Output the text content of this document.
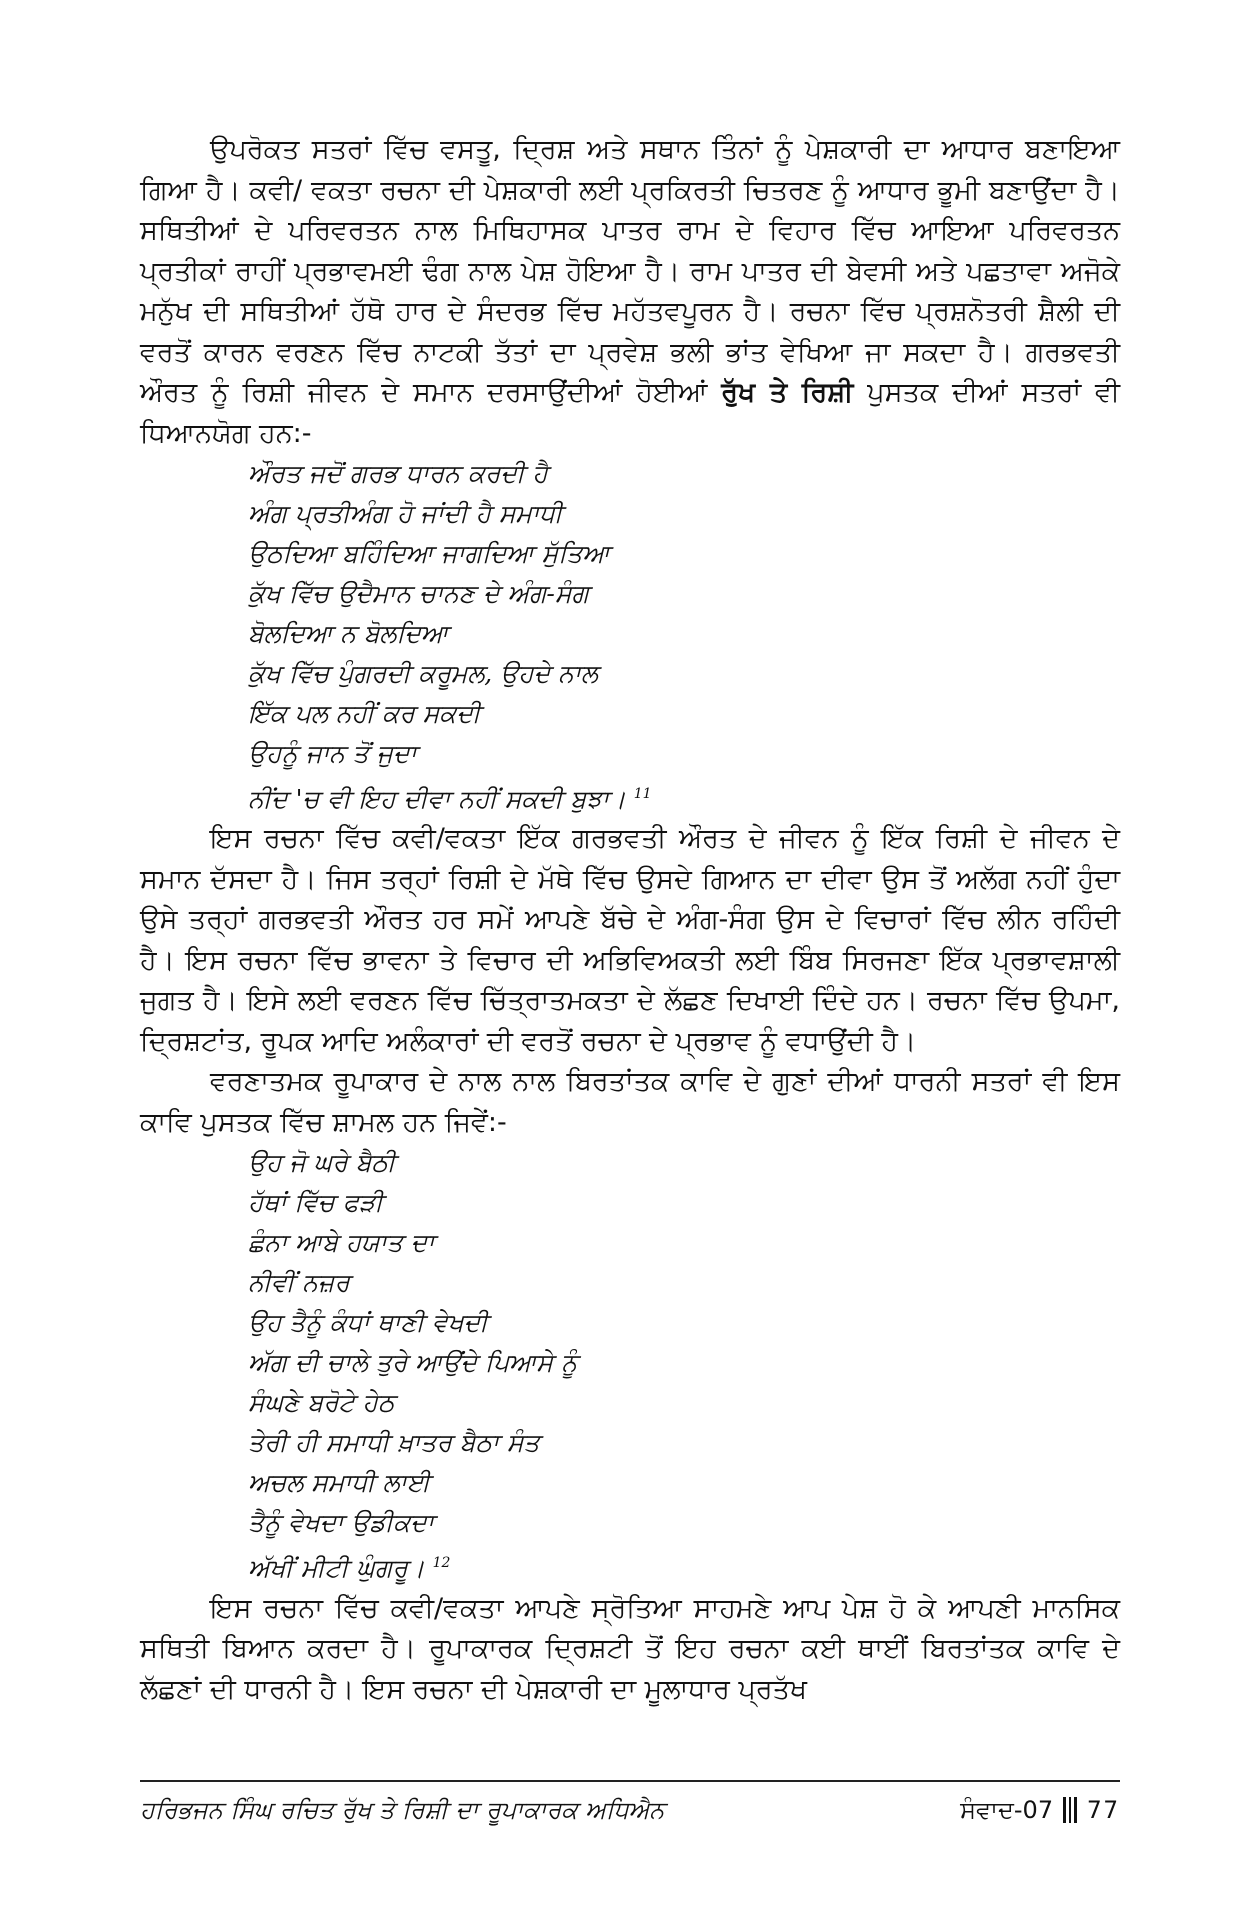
ਉਪਰੋਕਤ ਸਤਰਾਂ ਵਿੱਚ ਵਸਤੂ, ਦ੍ਰਿਸ਼ ਅਤੇ ਸਥਾਨ ਤਿੰਨਾਂ ਨੂੰ ਪੇਸ਼ਕਾਰੀ ਦਾ ਆਧਾਰ ਬਣਾਇਆ ਗਿਆ ਹੈ। ਕਵੀ/ ਵਕਤਾ ਰਚਨਾ ਦੀ ਪੇਸ਼ਕਾਰੀ ਲਈ ਪ੍ਰਕਿਰਤੀ ਚਿਤਰਣ ਨੂੰ ਆਧਾਰ ਭੂਮੀ ਬਣਾਉਂਦਾ ਹੈ। ਸਥਿਤੀਆਂ ਦੇ ਪਰਿਵਰਤਨ ਨਾਲ ਮਿਥਿਹਾਸਕ ਪਾਤਰ ਰਾਮ ਦੇ ਵਿਹਾਰ ਵਿੱਚ ਆਇਆ ਪਰਿਵਰਤਨ ਪ੍ਰਤੀਕਾਂ ਰਾਹੀਂ ਪ੍ਰਭਾਵਮਈ ਢੰਗ ਨਾਲ ਪੇਸ਼ ਹੋਇਆ ਹੈ। ਰਾਮ ਪਾਤਰ ਦੀ ਬੇਵਸੀ ਅਤੇ ਪਛਤਾਵਾ ਅਜੋਕੇ ਮਨੁੱਖ ਦੀ ਸਥਿਤੀਆਂ ਹੱਥੋ ਹਾਰ ਦੇ ਸੰਦਰਭ ਵਿੱਚ ਮਹੱਤਵਪੂਰਨ ਹੈ। ਰਚਨਾ ਵਿੱਚ ਪ੍ਰਸ਼ਨੋਤਰੀ ਸ਼ੈਲੀ ਦੀ ਵਰਤੋਂ ਕਾਰਨ ਵਰਣਨ ਵਿੱਚ ਨਾਟਕੀ ਤੱਤਾਂ ਦਾ ਪ੍ਰਵੇਸ਼ ਭਲੀ ਭਾਂਤ ਵੇਖਿਆ ਜਾ ਸਕਦਾ ਹੈ। ਗਰਭਵਤੀ ਔਰਤ ਨੂੰ ਰਿਸ਼ੀ ਜੀਵਨ ਦੇ ਸਮਾਨ ਦਰਸਾਉਂਦੀਆਂ ਹੋਈਆਂ ਰੁੱਖ ਤੇ ਰਿਸ਼ੀ ਪੁਸਤਕ ਦੀਆਂ ਸਤਰਾਂ ਵੀ ਧਿਆਨਯੋਗ ਹਨ:-

ਔਰਤ ਜਦੋਂ ਗਰਭ ਧਾਰਨ ਕਰਦੀ ਹੈ
ਅੰਗ ਪ੍ਰਤੀਅੰਗ ਹੋ ਜਾਂਦੀ ਹੈ ਸਮਾਧੀ
ਉਠਦਿਆ ਬਹਿੰਦਿਆ ਜਾਗਦਿਆ ਸੁੱਤਿਆ
ਕੁੱਖ ਵਿੱਚ ਉਦੈਮਾਨ ਚਾਨਣ ਦੇ ਅੰਗ-ਸੰਗ
ਬੋਲਦਿਆ ਨ ਬੋਲਦਿਆ
ਕੁੱਖ ਵਿੱਚ ਪੁੰਗਰਦੀ ਕਰੂਮਲ, ਉਹਦੇ ਨਾਲ
ਇੱਕ ਪਲ ਨਹੀਂ ਕਰ ਸਕਦੀ
ਉਹਨੂੰ ਜਾਨ ਤੋਂ ਜੁਦਾ
ਨੀਂਦ 'ਚ ਵੀ ਇਹ ਦੀਵਾ ਨਹੀਂ ਸਕਦੀ ਬੁਝਾ। $^{11}$

ਇਸ ਰਚਨਾ ਵਿੱਚ ਕਵੀ/ਵਕਤਾ ਇੱਕ ਗਰਭਵਤੀ ਔਰਤ ਦੇ ਜੀਵਨ ਨੂੰ ਇੱਕ ਰਿਸ਼ੀ ਦੇ ਜੀਵਨ ਦੇ ਸਮਾਨ ਦੱਸਦਾ ਹੈ। ਜਿਸ ਤਰ੍ਹਾਂ ਰਿਸ਼ੀ ਦੇ ਮੱਥੇ ਵਿੱਚ ਉਸਦੇ ਗਿਆਨ ਦਾ ਦੀਵਾ ਉਸ ਤੋਂ ਅਲੱਗ ਨਹੀਂ ਹੁੰਦਾ ਉਸੇ ਤਰ੍ਹਾਂ ਗਰਭਵਤੀ ਔਰਤ ਹਰ ਸਮੇਂ ਆਪਣੇ ਬੱਚੇ ਦੇ ਅੰਗ-ਸੰਗ ਉਸ ਦੇ ਵਿਚਾਰਾਂ ਵਿੱਚ ਲੀਨ ਰਹਿੰਦੀ ਹੈ। ਇਸ ਰਚਨਾ ਵਿੱਚ ਭਾਵਨਾ ਤੇ ਵਿਚਾਰ ਦੀ ਅਭਿਵਿਅਕਤੀ ਲਈ ਬਿੰਬ ਸਿਰਜਣਾ ਇੱਕ ਪ੍ਰਭਾਵਸ਼ਾਲੀ ਜੁਗਤ ਹੈ। ਇਸੇ ਲਈ ਵਰਣਨ ਵਿੱਚ ਚਿੱਤ੍ਰਾਤਮਕਤਾ ਦੇ ਲੱਛਣ ਦਿਖਾਈ ਦਿੰਦੇ ਹਨ। ਰਚਨਾ ਵਿੱਚ ਉਪਮਾ, ਦ੍ਰਿਸ਼ਟਾਂਤ, ਰੂਪਕ ਆਦਿ ਅਲੰਕਾਰਾਂ ਦੀ ਵਰਤੋਂ ਰਚਨਾ ਦੇ ਪ੍ਰਭਾਵ ਨੂੰ ਵਧਾਉਂਦੀ ਹੈ।

ਵਰਣਾਤਮਕ ਰੂਪਾਕਾਰ ਦੇ ਨਾਲ ਨਾਲ ਬਿਰਤਾਂਤਕ ਕਾਵਿ ਦੇ ਗੁਣਾਂ ਦੀਆਂ ਧਾਰਨੀ ਸਤਰਾਂ ਵੀ ਇਸ ਕਾਵਿ ਪੁਸਤਕ ਵਿੱਚ ਸ਼ਾਮਲ ਹਨ ਜਿਵੇਂ:-

ਉਹ ਜੋ ਘਰੇ ਬੈਠੀ
ਹੱਥਾਂ ਵਿੱਚ ਫੜੀ
ਛੰਨਾ ਆਬੇ ਹਯਾਤ ਦਾ
ਨੀਵੀਂ ਨਜ਼ਰ
ਉਹ ਤੈਨੂੰ ਕੰਧਾਂ ਥਾਣੀ ਵੇਖਦੀ
ਅੱਗ ਦੀ ਚਾਲੇ ਤੁਰੇ ਆਉਂਦੇ ਪਿਆਸੇ ਨੂੰ
ਸੰਘਣੇ ਬਰੋਟੇ ਹੇਠ
ਤੇਰੀ ਹੀ ਸਮਾਧੀ ਖ਼ਾਤਰ ਬੈਠਾ ਸੰਤ
ਅਚਲ ਸਮਾਧੀ ਲਾਈ
ਤੈਨੂੰ ਵੇਖਦਾ ਉਡੀਕਦਾ
ਅੱਖੀਂ ਮੀਟੀ ਘੁੰਗਰੂ। $^{12}$

ਇਸ ਰਚਨਾ ਵਿੱਚ ਕਵੀ/ਵਕਤਾ ਆਪਣੇ ਸ੍ਰੋਤਿਆ ਸਾਹਮਣੇ ਆਪ ਪੇਸ਼ ਹੋ ਕੇ ਆਪਣੀ ਮਾਨਸਿਕ ਸਥਿਤੀ ਬਿਆਨ ਕਰਦਾ ਹੈ। ਰੂਪਾਕਾਰਕ ਦ੍ਰਿਸ਼ਟੀ ਤੋਂ ਇਹ ਰਚਨਾ ਕਈ ਥਾਈਂ ਬਿਰਤਾਂਤਕ ਕਾਵਿ ਦੇ ਲੱਛਣਾਂ ਦੀ ਧਾਰਨੀ ਹੈ। ਇਸ ਰਚਨਾ ਦੀ ਪੇਸ਼ਕਾਰੀ ਦਾ ਮੂਲਾਧਾਰ ਪ੍ਰਤੱਖ

ਹਰਿਭਜਨ ਸਿੰਘ ਰਚਿਤ ਰੁੱਖ ਤੇ ਰਿਸ਼ੀ ਦਾ ਰੂਪਾਕਾਰਕ ਅਧਿਐਨ	ਸੰਵਾਦ-07 77
